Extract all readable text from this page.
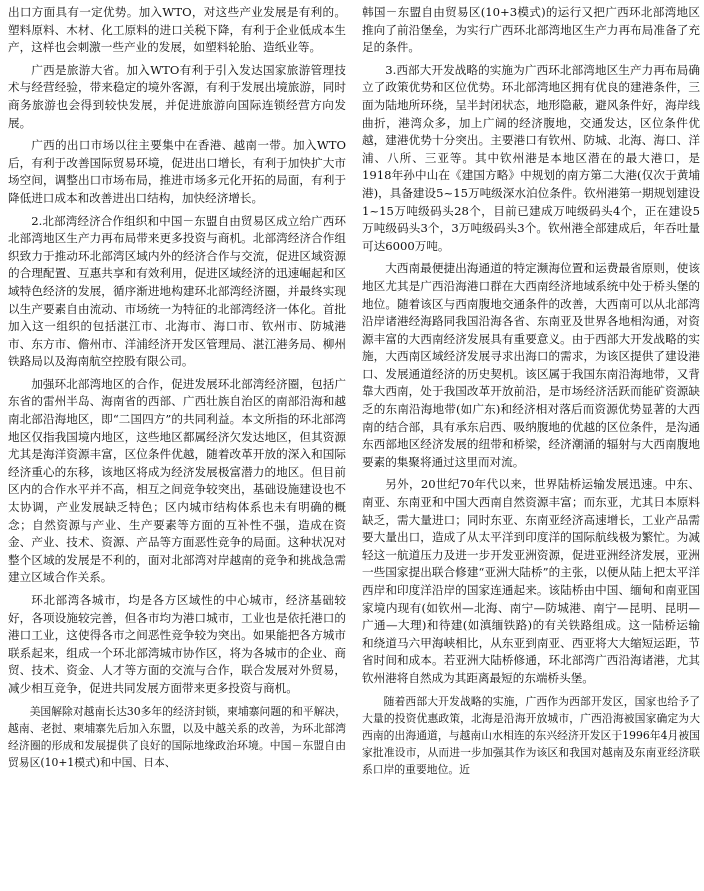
出口方面具有一定优势。加入WTO，对这些产业发展是有利的。塑料原料、木材、化工原料的进口关税下降，有利于企业低成本生产，这样也会刺激一些产业的发展，如塑料轮胎、造纸业等。

广西是旅游大省。加入WTO有利于引入发达国家旅游管理技术与经营经验，带来稳定的境外客源，有利于发展出境旅游，同时商务旅游也会得到较快发展，并促进旅游向国际连锁经营方向发展。

广西的出口市场以往主要集中在香港、越南一带。加入WTO后，有利于改善国际贸易环境，促进出口增长，有利于加快扩大市场空间，调整出口市场布局，推进市场多元化开拓的局面，有利于降低进口成本和改善进出口结构，加快经济增长。

2.北部湾经济合作组织和中国－东盟自由贸易区成立给广西环北部湾地区生产力再布局带来更多投资与商机。北部湾经济合作组织致力于推动环北部湾区域内外的经济合作与交流，促进区域资源的合理配置、互惠共享和有效利用，促进区域经济的迅速崛起和区域特色经济的发展，循序渐进地构建环北部湾经济圈，并最终实现以生产要素自由流动、市场统一为特征的北部湾经济一体化。首批加入这一组织的包括湛江市、北海市、海口市、钦州市、防城港市、东方市、儋州市、洋浦经济开发区管理局、湛江港务局、柳州铁路局以及海南航空控股有限公司。

加强环北部湾地区的合作，促进发展环北部湾经济圈，包括广东省的雷州半岛、海南省的西部、广西壮族自治区的南部沿海和越南北部沿海地区，即“二国四方”的共同利益。本文所指的环北部湾地区仅指我国境内地区，这些地区都属经济欠发达地区，但其资源尤其是海洋资源丰富，区位条件优越，随着改革开放的深入和国际经济重心的东移，该地区将成为经济发展极富潜力的地区。但目前区内的合作水平并不高，相互之间竞争较突出，基础设施建设也不太协调，产业发展缺乏特色；区内城市结构体系也未有明确的概念；自然资源与产业、生产要素等方面的互补性不强，造成在资金、产业、技术、资源、产品等方面恶性竞争的局面。这种状况对整个区域的发展是不利的，面对北部湾对岸越南的竞争和挑战急需建立区域合作关系。

环北部湾各城市，均是各方区域性的中心城市，经济基础较好，各项设施较完善，但各市均为港口城市，工业也是依托港口的港口工业，这使得各市之间恶性竞争较为突出。如果能把各方城市联系起来，组成一个环北部湾城市协作区，将为各城市的企业、商贸、技术、资金、人才等方面的交流与合作，联合发展对外贸易，减少相互竞争，促进共同发展方面带来更多投资与商机。

美国解除对越南长达30多年的经济封锁，柬埔寨问题的和平解决，越南、老挝、柬埔寨先后加入东盟，以及中越关系的改善，为环北部湾经济圈的形成和发展提供了良好的国际地缘政治环境。中国－东盟自由贸易区(10+1模式)和中国、日本、

韩国－东盟自由贸易区(10+3模式)的运行又把广西环北部湾地区推向了前沿堡垒，为实行广西环北部湾地区生产力再布局准备了充足的条件。

3.西部大开发战略的实施为广西环北部湾地区生产力再布局确立了政策优势和区位优势。环北部湾地区拥有优良的建港条件，三面为陆地所环绕，呈半封闭状态，地形隐蔽，避风条件好，海岸线曲折，港湾众多，加上广阔的经济腹地，交通发达，区位条件优越，建港优势十分突出。主要港口有钦州、防城、北海、海口、洋浦、八所、三亚等。其中钦州港是本地区潜在的最大港口，是1918年孙中山在《建国方略》中规划的南方第二大港(仅次于黄埔港)，具备建设5~15万吨级深水泊位条件。钦州港第一期规划建设1~15万吨级码头28个，目前已建成万吨级码头4个，正在建设5万吨级码头3个，3万吨级码头3个。钦州港全部建成后，年吞吐量可达6000万吨。

大西南最便捷出海通道的特定濒海位置和运费最省原则，使该地区尤其是广西沿海港口群在大西南经济地域系统中处于桥头堡的地位。随着该区与西南腹地交通条件的改善，大西南可以从北部湾沿岸诸港经海路同我国沿海各省、东南亚及世界各地相沟通，对资源丰富的大西南经济发展具有重要意义。由于西部大开发战略的实施，大西南区域经济发展寻求出海口的需求，为该区提供了建设港口、发展通道经济的历史契机。该区属于我国东南沿海地带，又背靠大西南，处于我国改革开放前沿，是市场经济活跃而能矿资源缺乏的东南沿海地带(如广东)和经济相对落后而资源优势显著的大西南的结合部，具有承东启西、吸纳腹地的优越的区位条件，是沟通东西部地区经济发展的纽带和桥梁，经济潮涌的辐射与大西南腹地要素的集聚将通过这里而对流。

另外，20世纪70年代以来，世界陆桥运输发展迅速。中东、南亚、东南亚和中国大西南自然资源丰富；而东亚，尤其日本原料缺乏，需大量进口；同时东亚、东南亚经济高速增长，工业产品需要大量出口，造成了从太平洋到印度洋的国际航线极为繁忙。为减轻这一航道压力及进一步开发亚洲资源，促进亚洲经济发展，亚洲一些国家提出联合修建“亚洲大陆桥”的主张，以便从陆上把太平洋西岸和印度洋沿岸的国家连通起来。该陆桥由中国、缅甸和南亚国家境内现有(如钦州—北海、南宁—防城港、南宁—昆明、昆明—广通—大理)和待建(如滇缅铁路)的有关铁路组成。这一陆桥运输和绕道马六甲海峡相比，从东亚到南亚、西亚将大大缩短运距，节省时间和成本。若亚洲大陆桥修通，环北部湾广西沿海诸港，尤其钦州港将自然成为其距离最短的东端桥头堡。

随着西部大开发战略的实施，广西作为西部开发区，国家也给予了大量的投资优惠政策，北海是沿海开放城市，广西沿海被国家确定为大西南的出海通道，与越南山水相连的东兴经济开发区于1996年4月被国家批准设市，从而进一步加强其作为该区和我国对越南及东南亚经济联系口岸的重要地位。近
